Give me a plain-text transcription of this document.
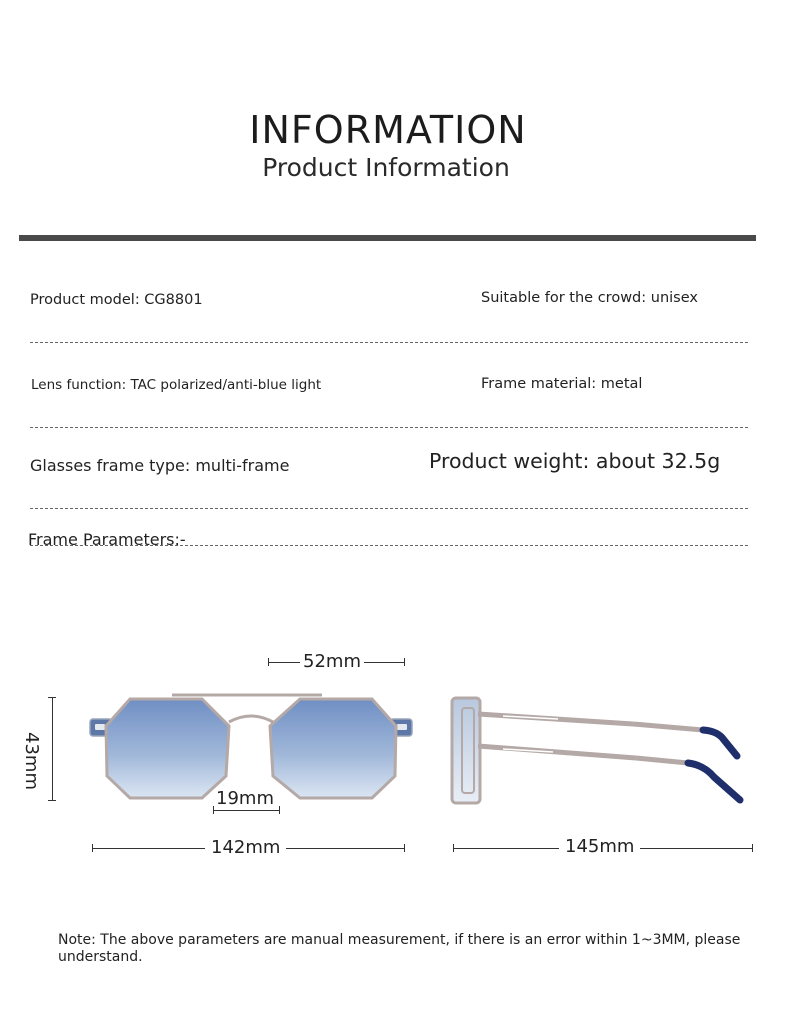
INFORMATION
Product Information
Product model: CG8801	Suitable for the crowd: unisex
Lens function: TAC polarized/anti-blue light	Frame material: metal
Glasses frame type: multi-frame	Product weight: about 32.5g
Frame Parameters:-
52mm
43mm
19mm
142mm	145mm
Note: The above parameters are manual measurement, if there is an error within 1~3MM, please understand.
